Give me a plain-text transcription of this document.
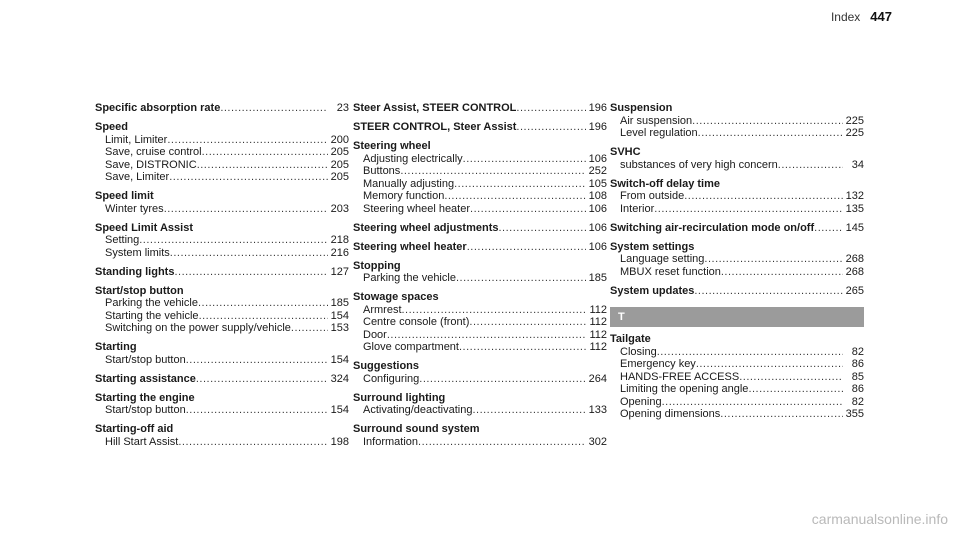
Index 447
Specific absorption rate .....	23
Speed
Limit, Limiter .....	200
Save, cruise control .....	205
Save, DISTRONIC .....	205
Save, Limiter .....	205
Speed limit
Winter tyres .....	203
Speed Limit Assist
Setting .....	218
System limits .....	216
Standing lights .....	127
Start/stop button
Parking the vehicle .....	185
Starting the vehicle .....	154
Switching on the power supply/vehicle .....	153
Starting
Start/stop button .....	154
Starting assistance .....	324
Starting the engine
Start/stop button .....	154
Starting-off aid
Hill Start Assist .....	198
Steer Assist, STEER CONTROL .....	196
STEER CONTROL, Steer Assist .....	196
Steering wheel
Adjusting electrically .....	106
Buttons .....	252
Manually adjusting .....	105
Memory function .....	108
Steering wheel heater .....	106
Steering wheel adjustments .....	106
Steering wheel heater .....	106
Stopping
Parking the vehicle .....	185
Stowage spaces
Armrest .....	112
Centre console (front) .....	112
Door .....	112
Glove compartment .....	112
Suggestions
Configuring .....	264
Surround lighting
Activating/deactivating .....	133
Surround sound system
Information .....	302
Suspension
Air suspension .....	225
Level regulation .....	225
SVHC
substances of very high concern .....	34
Switch-off delay time
From outside .....	132
Interior .....	135
Switching air-recirculation mode on/off .....	145
System settings
Language setting .....	268
MBUX reset function .....	268
System updates .....	265
T
Tailgate
Closing .....	82
Emergency key .....	86
HANDS-FREE ACCESS .....	85
Limiting the opening angle .....	86
Opening .....	82
Opening dimensions .....	355
carmanualsonline.info
